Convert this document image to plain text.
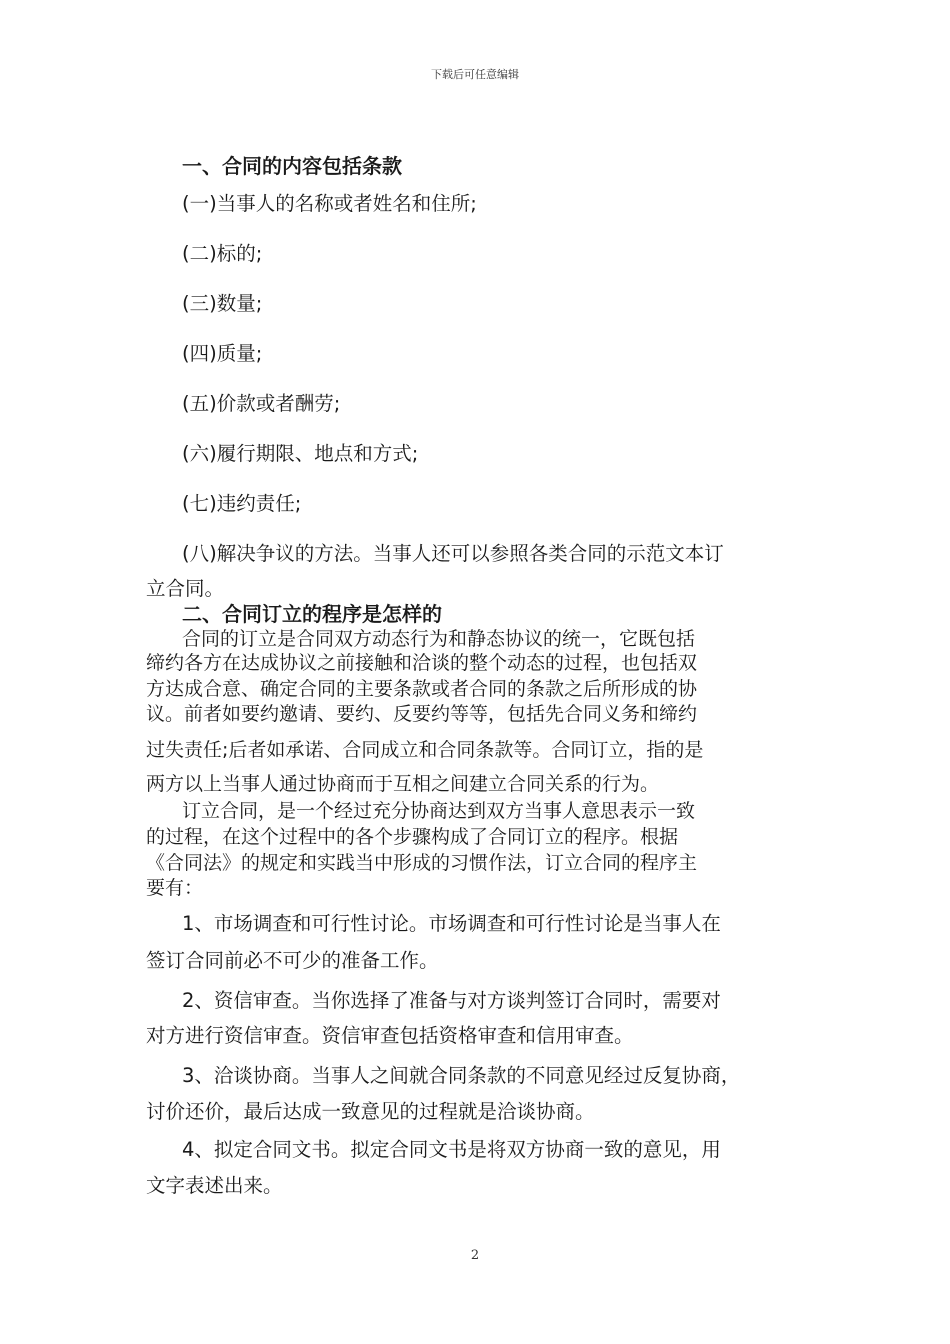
下载后可任意编辑
一、合同的内容包括条款
(一)当事人的名称或者姓名和住所;
(二)标的;
(三)数量;
(四)质量;
(五)价款或者酬劳;
(六)履行期限、地点和方式;
(七)违约责任;
(八)解决争议的方法。当事人还可以参照各类合同的示范文本订
立合同。
二、合同订立的程序是怎样的
合同的订立是合同双方动态行为和静态协议的统一，它既包括
缔约各方在达成协议之前接触和洽谈的整个动态的过程，也包括双
方达成合意、确定合同的主要条款或者合同的条款之后所形成的协
议。前者如要约邀请、要约、反要约等等，包括先合同义务和缔约
过失责任;后者如承诺、合同成立和合同条款等。合同订立，指的是
两方以上当事人通过协商而于互相之间建立合同关系的行为。
订立合同，是一个经过充分协商达到双方当事人意思表示一致
的过程，在这个过程中的各个步骤构成了合同订立的程序。根据
《合同法》的规定和实践当中形成的习惯作法，订立合同的程序主
要有：
1、市场调查和可行性讨论。市场调查和可行性讨论是当事人在
签订合同前必不可少的准备工作。
2、资信审查。当你选择了准备与对方谈判签订合同时，需要对
对方进行资信审查。资信审查包括资格审查和信用审查。
3、洽谈协商。当事人之间就合同条款的不同意见经过反复协商，
讨价还价，最后达成一致意见的过程就是洽谈协商。
4、拟定合同文书。拟定合同文书是将双方协商一致的意见，用
文字表述出来。
2
